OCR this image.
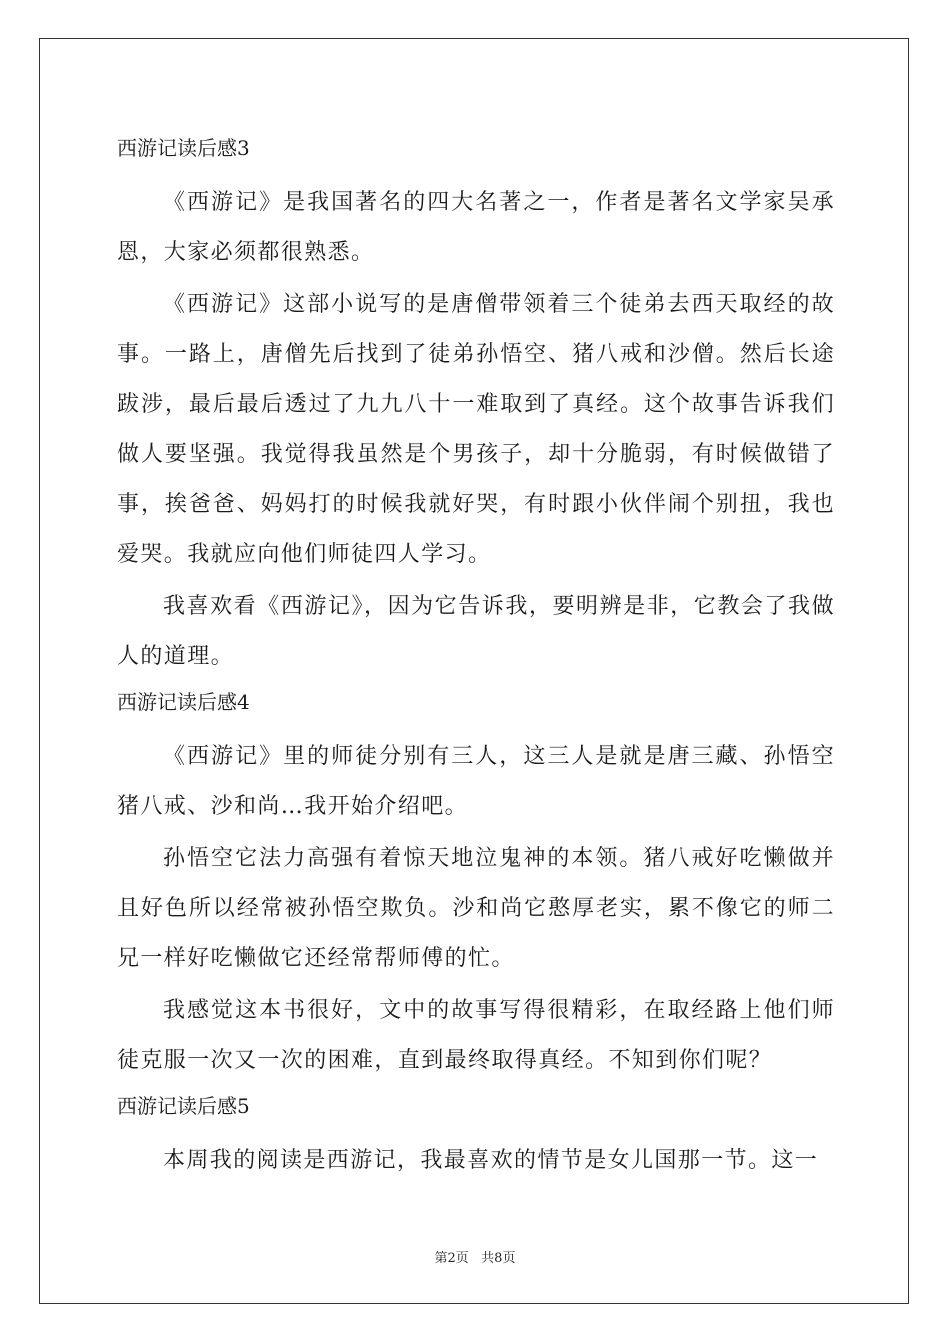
西游记读后感3

《西游记》是我国著名的四大名著之一，作者是著名文学家吴承恩，大家必须都很熟悉。

《西游记》这部小说写的是唐僧带领着三个徒弟去西天取经的故事。一路上，唐僧先后找到了徒弟孙悟空、猪八戒和沙僧。然后长途跋涉，最后最后透过了九九八十一难取到了真经。这个故事告诉我们做人要坚强。我觉得我虽然是个男孩子，却十分脆弱，有时候做错了事，挨爸爸、妈妈打的时候我就好哭，有时跟小伙伴闹个别扭，我也爱哭。我就应向他们师徒四人学习。

我喜欢看《西游记》，因为它告诉我，要明辨是非，它教会了我做人的道理。

西游记读后感4

《西游记》里的师徒分别有三人，这三人是就是唐三藏、孙悟空猪八戒、沙和尚…我开始介绍吧。

孙悟空它法力高强有着惊天地泣鬼神的本领。猪八戒好吃懒做并且好色所以经常被孙悟空欺负。沙和尚它憨厚老实，累不像它的师二兄一样好吃懒做它还经常帮师傅的忙。

我感觉这本书很好，文中的故事写得很精彩，在取经路上他们师徒克服一次又一次的困难，直到最终取得真经。不知到你们呢？

西游记读后感5

本周我的阅读是西游记，我最喜欢的情节是女儿国那一节。这一

第2页   共8页
